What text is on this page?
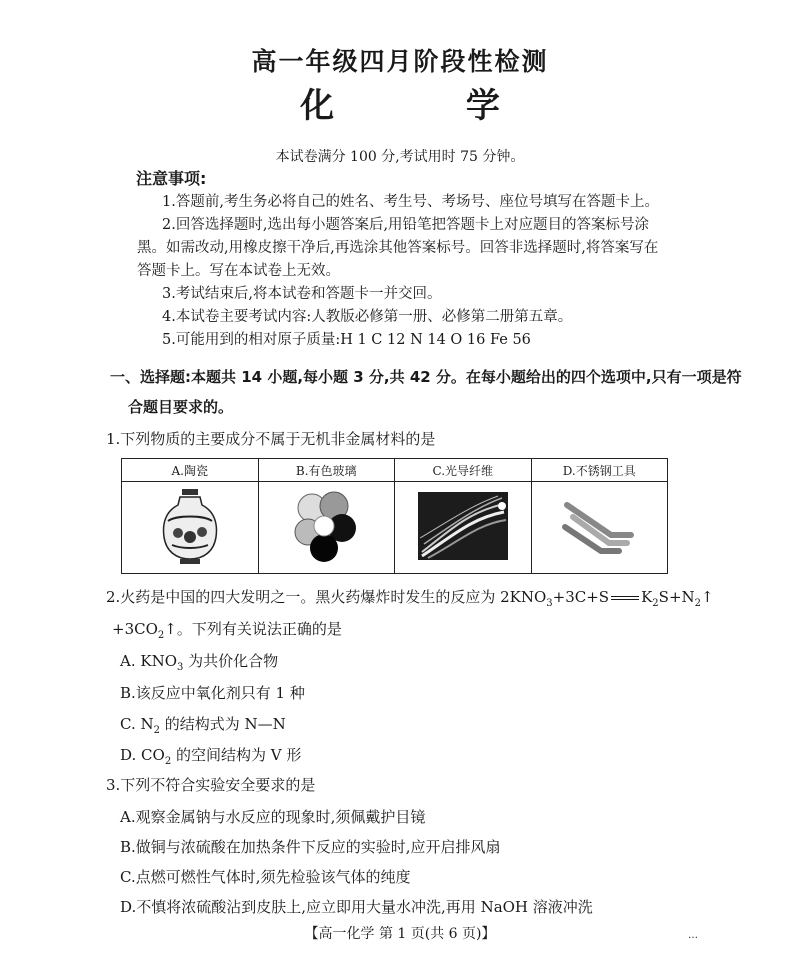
高一年级四月阶段性检测
化 学
本试卷满分 100 分,考试用时 75 分钟。
注意事项:
1.答题前,考生务必将自己的姓名、考生号、考场号、座位号填写在答题卡上。
2.回答选择题时,选出每小题答案后,用铅笔把答题卡上对应题目的答案标号涂
黑。如需改动,用橡皮擦干净后,再选涂其他答案标号。回答非选择题时,将答案写在
答题卡上。写在本试卷上无效。
3.考试结束后,将本试卷和答题卡一并交回。
4.本试卷主要考试内容:人教版必修第一册、必修第二册第五章。
5.可能用到的相对原子质量:H 1 C 12 N 14 O 16 Fe 56
一、选择题:本题共 14 小题,每小题 3 分,共 42 分。在每小题给出的四个选项中,只有一项是符
合题目要求的。
1.下列物质的主要成分不属于无机非金属材料的是
A.陶瓷	B.有色玻璃	C.光导纤维	D.不锈钢工具

2.火药是中国的四大发明之一。黑火药爆炸时发生的反应为 $2KNO_3+3C+S$ $K_2S+N_2↑$
$+3CO_2↑$。下列有关说法正确的是
A. $KNO_3$ 为共价化合物
B.该反应中氧化剂只有 1 种
C. $N_2$ 的结构式为 N—N
D. $CO_2$ 的空间结构为 V 形
3.下列不符合实验安全要求的是
A.观察金属钠与水反应的现象时,须佩戴护目镜
B.做铜与浓硫酸在加热条件下反应的实验时,应开启排风扇
C.点燃可燃性气体时,须先检验该气体的纯度
D.不慎将浓硫酸沾到皮肤上,应立即用大量水冲洗,再用 NaOH 溶液冲洗
【高一化学 第 1 页(共 6 页)】	…
